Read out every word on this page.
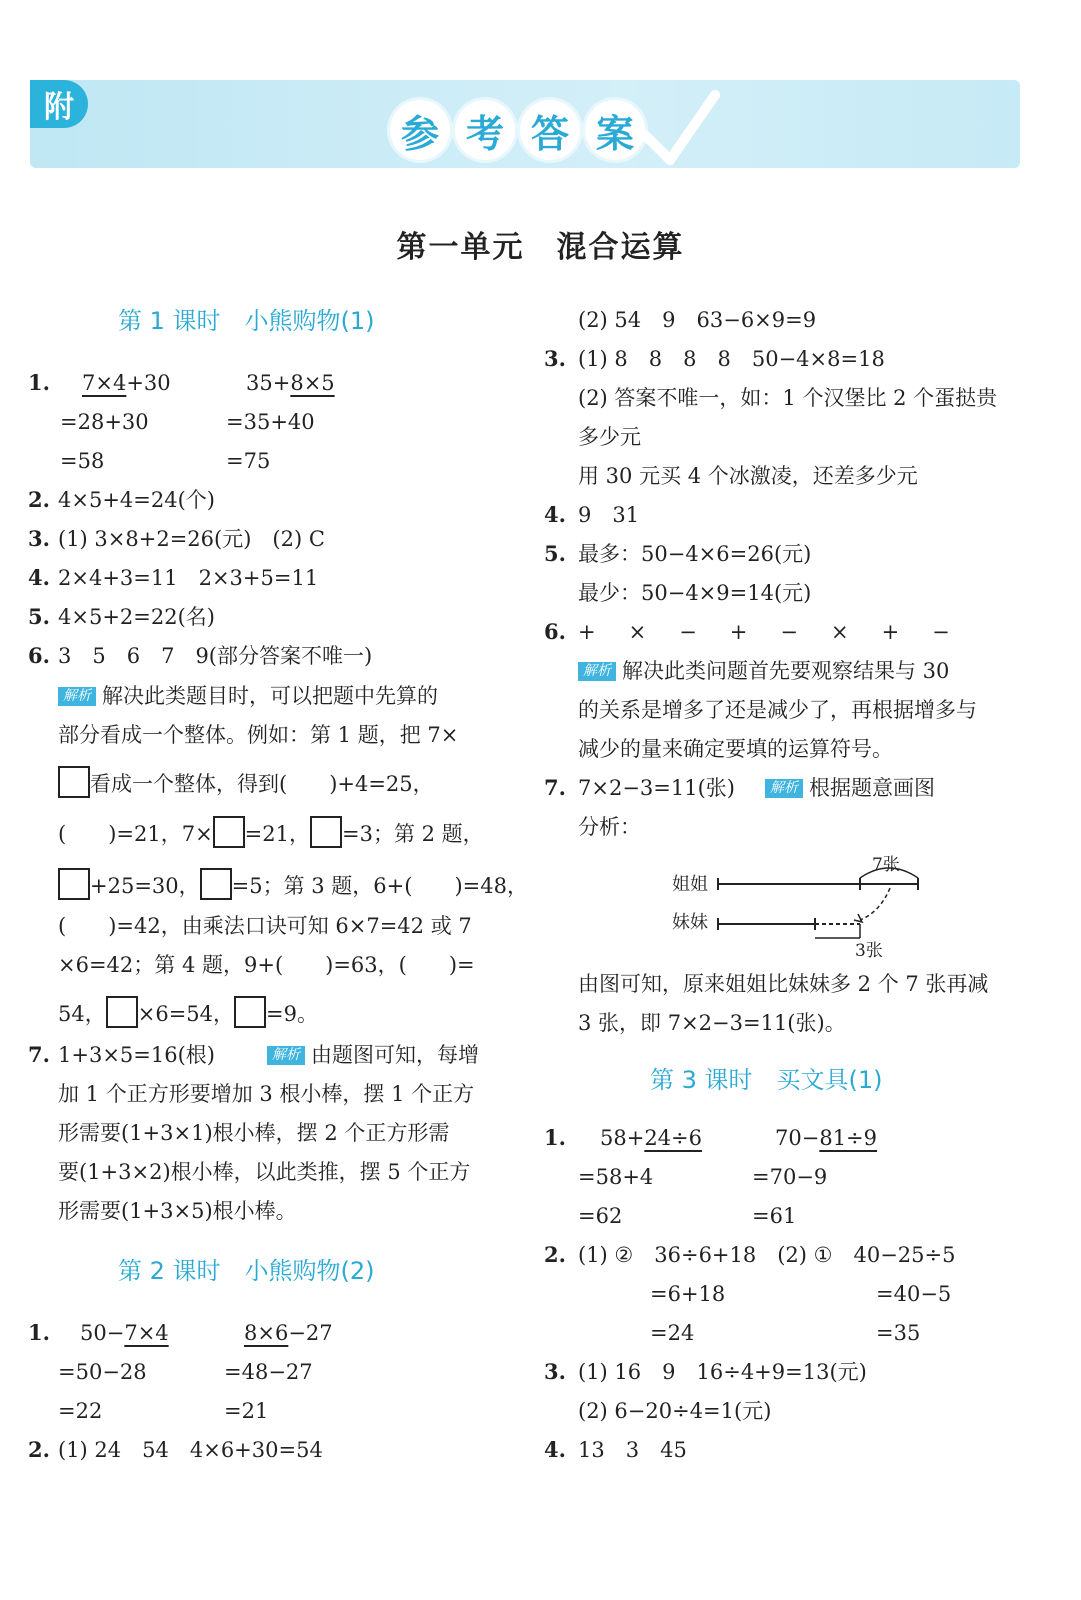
附
参 考 答 案
第一单元　混合运算
第 1 课时　小熊购物(1)
1. 7×4+30	35+8×5
=28+30	=35+40
=58	=75
2. 4×5+4=24(个)
3. (1) 3×8+2=26(元)　(2) C
4. 2×4+3=11　2×3+5=11
5. 4×5+2=22(名)
6. 3　5　6　7　9(部分答案不唯一)
解析 解决此类题目时，可以把题中先算的
部分看成一个整体。例如：第 1 题，把 7×
看成一个整体，得到(　　)+4=25，
(　　)=21，7× =21， =3；第 2 题，
+25=30， =5；第 3 题，6+(　　)=48，
(　　)=42，由乘法口诀可知 6×7=42 或 7
×6=42；第 4 题，9+(　　)=63，(　　)=
54， ×6=54， =9。
7. 1+3×5=16(根)	解析 由题图可知，每增
加 1 个正方形要增加 3 根小棒，摆 1 个正方
形需要(1+3×1)根小棒，摆 2 个正方形需
要(1+3×2)根小棒，以此类推，摆 5 个正方
形需要(1+3×5)根小棒。
第 2 课时　小熊购物(2)
1. 50−7×4	8×6−27
=50−28	=48−27
=22	=21
2. (1) 24　54　4×6+30=54
(2) 54　9　63−6×9=9
3. (1) 8　8　8　8　50−4×8=18
(2) 答案不唯一，如：1 个汉堡比 2 个蛋挞贵
多少元
用 30 元买 4 个冰激凌，还差多少元
4. 9　31
5. 最多：50−4×6=26(元)
最少：50−4×9=14(元)
6. +　×　−　+　−　×　+　−
解析 解决此类问题首先要观察结果与 30
的关系是增多了还是减少了，再根据增多与
减少的量来确定要填的运算符号。
7. 7×2−3=11(张)	解析 根据题意画图
分析：
姐姐
妹妹
7张
3张
由图可知，原来姐姐比妹妹多 2 个 7 张再减
3 张，即 7×2−3=11(张)。
第 3 课时　买文具(1)
1. 58+24÷6	70−81÷9
=58+4	=70−9
=62	=61
2. (1) ②　36÷6+18　(2) ①　40−25÷5
=6+18	=40−5
=24	=35
3. (1) 16　9　16÷4+9=13(元)
(2) 6−20÷4=1(元)
4. 13　3　45
